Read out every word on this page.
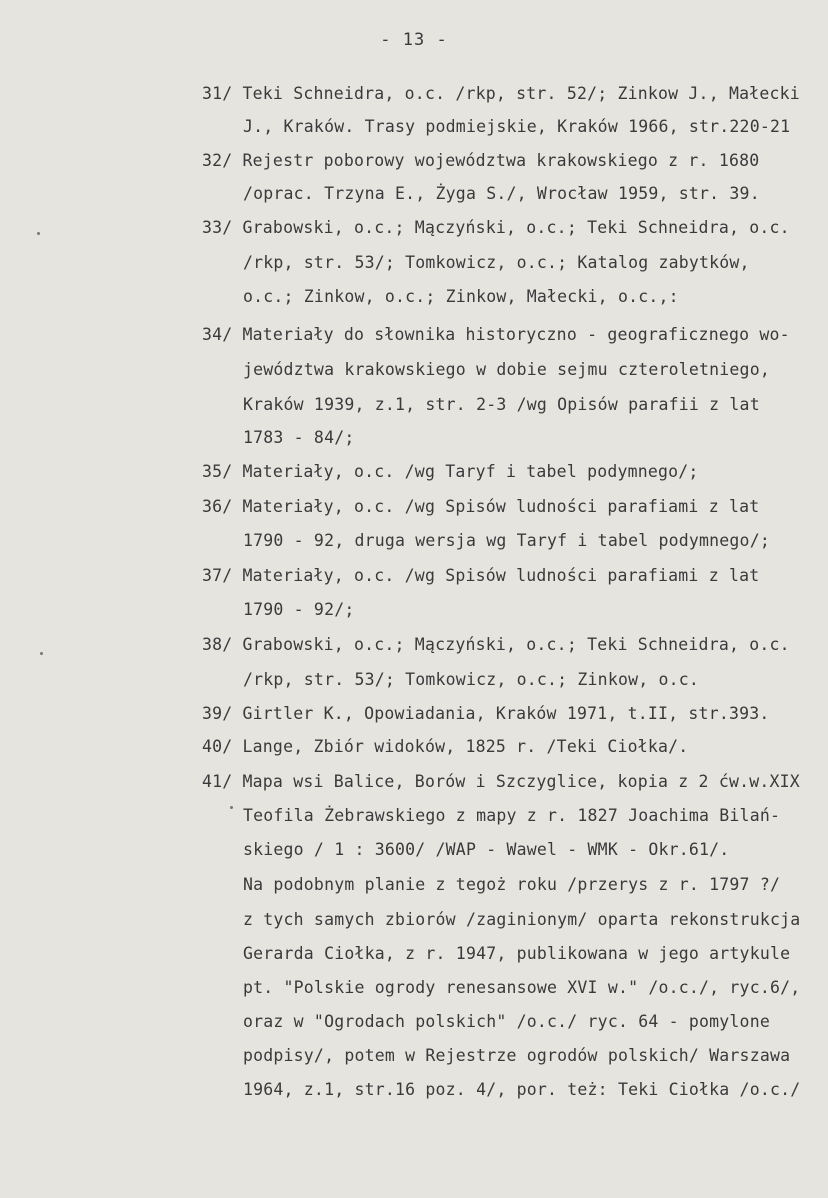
- 13 -
31/ Teki Schneidra, o.c. /rkp, str. 52/; Zinkow J., Małecki
J., Kraków. Trasy podmiejskie, Kraków 1966, str.220-21
32/ Rejestr poborowy województwa krakowskiego z r. 1680
/oprac. Trzyna E., Żyga S./, Wrocław 1959, str. 39.
33/ Grabowski, o.c.; Mączyński, o.c.; Teki Schneidra, o.c.
/rkp, str. 53/; Tomkowicz, o.c.; Katalog zabytków,
o.c.; Zinkow, o.c.; Zinkow, Małecki, o.c.,:
34/ Materiały do słownika historyczno - geograficznego wo-
jewództwa krakowskiego w dobie sejmu czteroletniego,
Kraków 1939, z.1, str. 2-3 /wg Opisów parafii z lat
1783 - 84/;
35/ Materiały, o.c. /wg Taryf i tabel podymnego/;
36/ Materiały, o.c. /wg Spisów ludności parafiami z lat
1790 - 92, druga wersja wg Taryf i tabel podymnego/;
37/ Materiały, o.c. /wg Spisów ludności parafiami z lat
1790 - 92/;
38/ Grabowski, o.c.; Mączyński, o.c.; Teki Schneidra, o.c.
/rkp, str. 53/; Tomkowicz, o.c.; Zinkow, o.c.
39/ Girtler K., Opowiadania, Kraków 1971, t.II, str.393.
40/ Lange, Zbiór widoków, 1825 r. /Teki Ciołka/.
41/ Mapa wsi Balice, Borów i Szczyglice, kopia z 2 ćw.w.XIX
Teofila Żebrawskiego z mapy z r. 1827 Joachima Bilań-
skiego / 1 : 3600/ /WAP - Wawel - WMK - Okr.61/.
Na podobnym planie z tegoż roku /przerys z r. 1797 ?/
z tych samych zbiorów /zaginionym/ oparta rekonstrukcja
Gerarda Ciołka, z r. 1947, publikowana w jego artykule
pt. "Polskie ogrody renesansowe XVI w." /o.c./, ryc.6/,
oraz w "Ogrodach polskich" /o.c./ ryc. 64 - pomylone
podpisy/, potem w Rejestrze ogrodów polskich/ Warszawa
1964, z.1, str.16 poz. 4/, por. też: Teki Ciołka /o.c./
